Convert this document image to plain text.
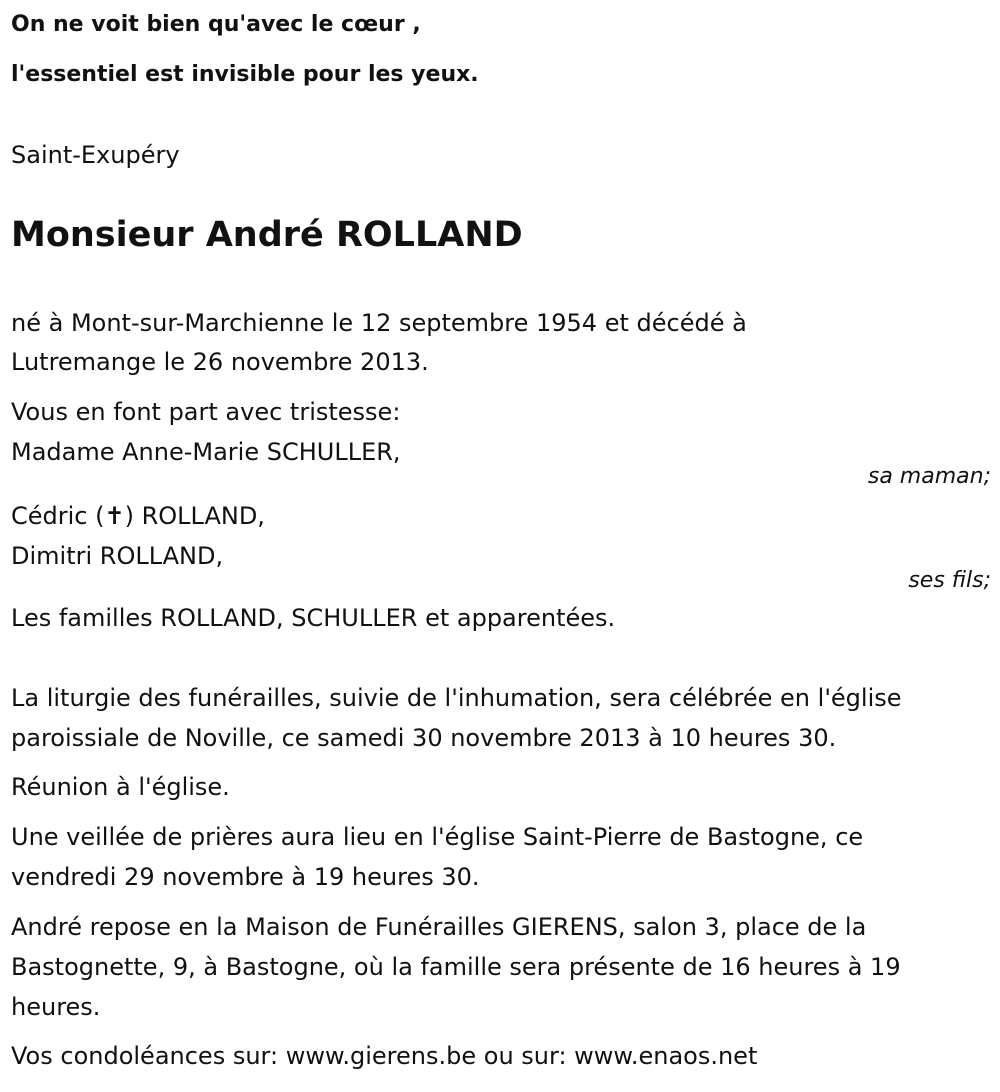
On ne voit bien qu'avec le cœur ,

l'essentiel est invisible pour les yeux.

Saint-Exupéry
Monsieur André ROLLAND
né à Mont-sur-Marchienne le 12 septembre 1954 et décédé à
Lutremange le 26 novembre 2013.
Vous en font part avec tristesse:
Madame Anne-Marie SCHULLER,
sa maman;
Cédric (✝) ROLLAND,
Dimitri ROLLAND,
ses fils;
Les familles ROLLAND, SCHULLER et apparentées.
La liturgie des funérailles, suivie de l'inhumation, sera célébrée en l'église
paroissiale de Noville, ce samedi 30 novembre 2013 à 10 heures 30.
Réunion à l'église.
Une veillée de prières aura lieu en l'église Saint-Pierre de Bastogne, ce
vendredi 29 novembre à 19 heures 30.
André repose en la Maison de Funérailles GIERENS, salon 3, place de la
Bastognette, 9, à Bastogne, où la famille sera présente de 16 heures à 19
heures.
Vos condoléances sur: www.gierens.be ou sur: www.enaos.net
